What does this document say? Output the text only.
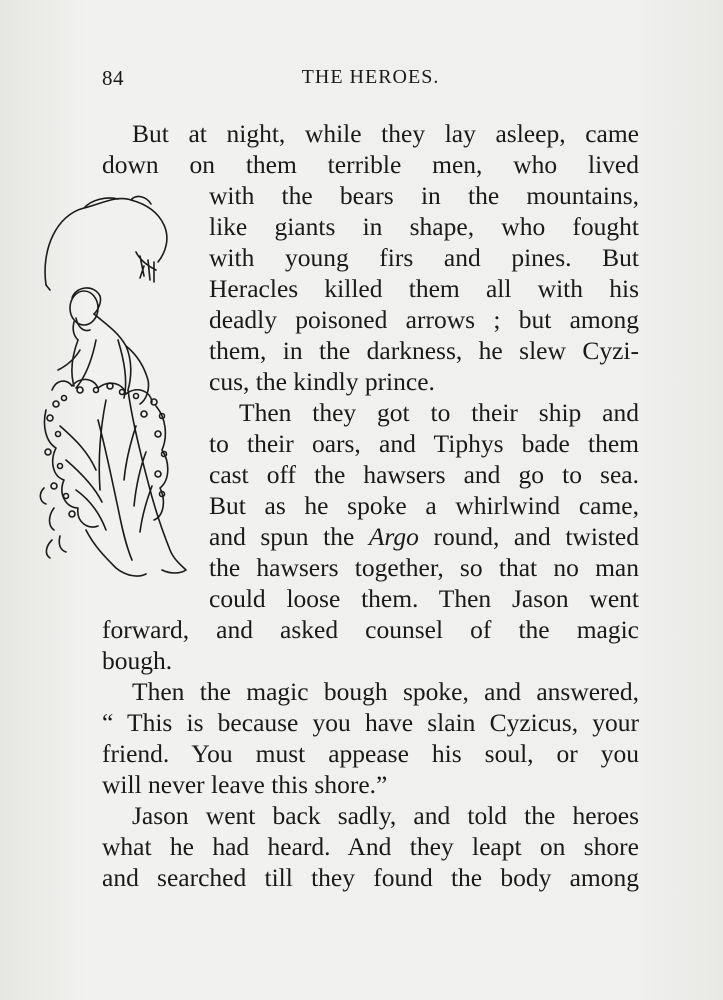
84	THE HEROES.
But at night, while they lay asleep, came
down on them terrible men, who lived
with the bears in the mountains,
like giants in shape, who fought
with young firs and pines. But
Heracles killed them all with his
deadly poisoned arrows ; but among
them, in the darkness, he slew Cyzi-
cus, the kindly prince.
Then they got to their ship and
to their oars, and Tiphys bade them
cast off the hawsers and go to sea.
But as he spoke a whirlwind came,
and spun the Argo round, and twisted
the hawsers together, so that no man
could loose them. Then Jason went
forward, and asked counsel of the magic
bough.
Then the magic bough spoke, and answered,
“ This is because you have slain Cyzicus, your
friend. You must appease his soul, or you
will never leave this shore.”
Jason went back sadly, and told the heroes
what he had heard. And they leapt on shore
and searched till they found the body among
